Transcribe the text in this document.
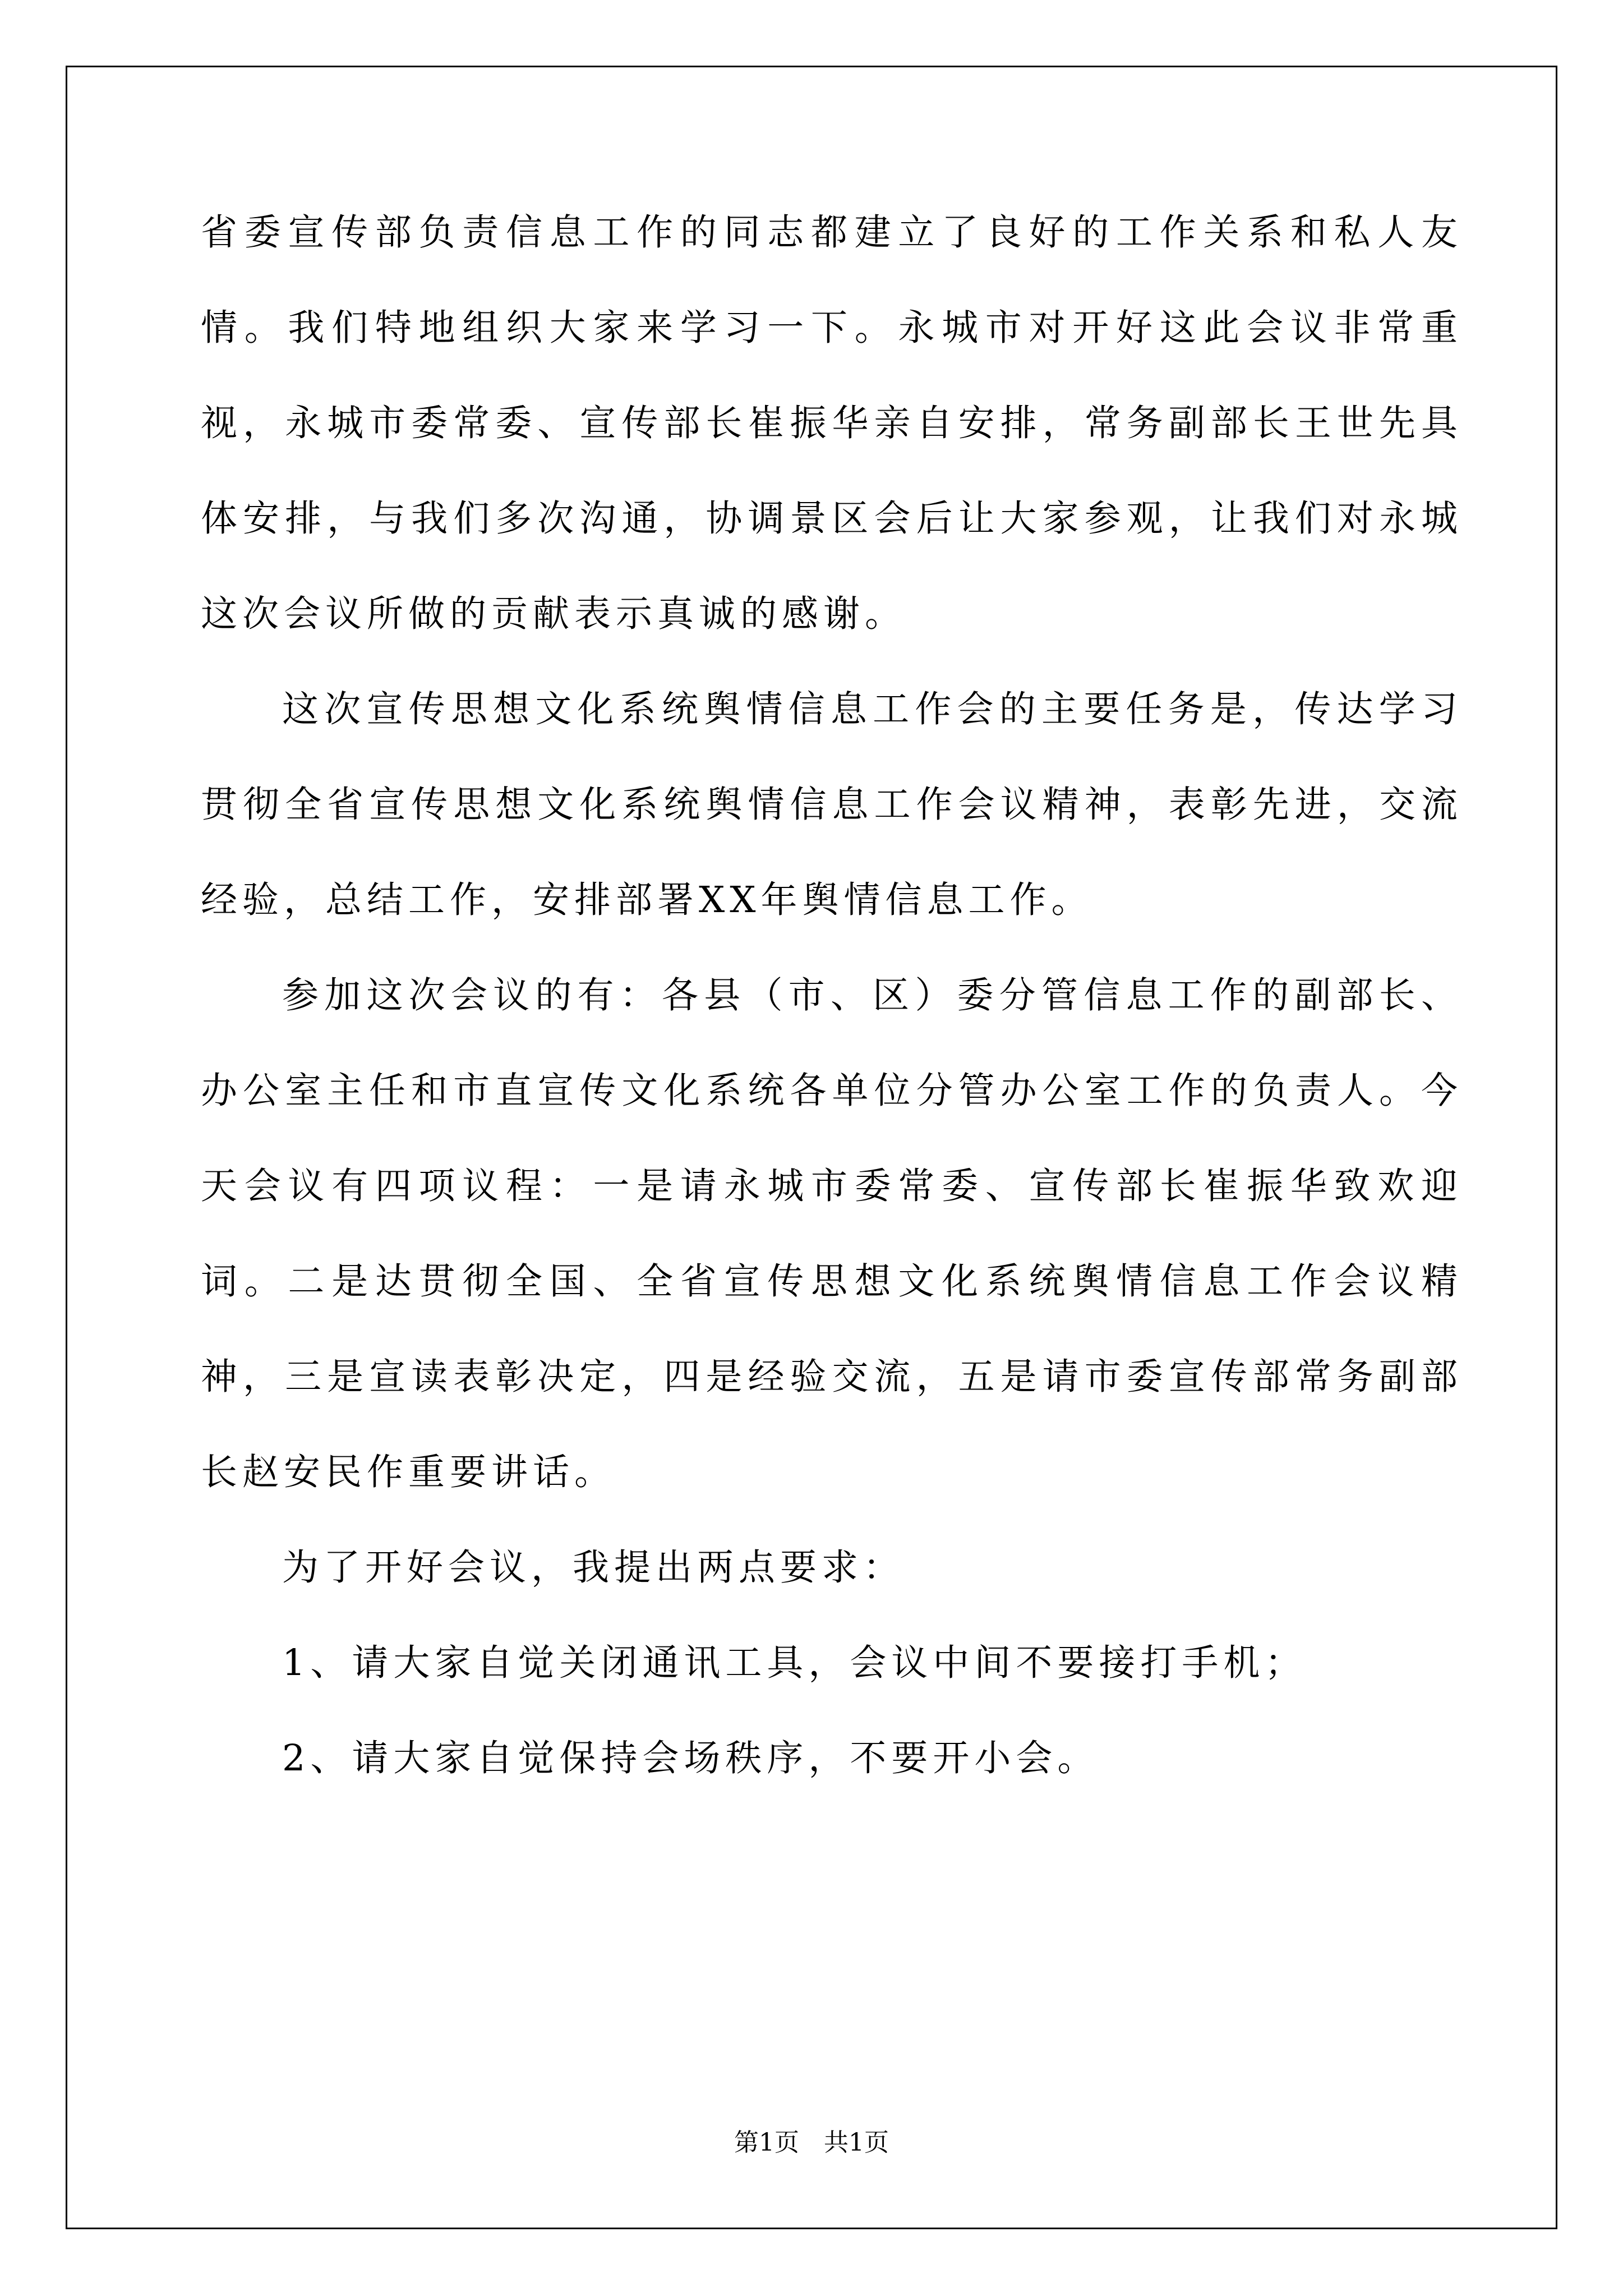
省委宣传部负责信息工作的同志都建立了良好的工作关系和私人友情。我们特地组织大家来学习一下。永城市对开好这此会议非常重视，永城市委常委、宣传部长崔振华亲自安排，常务副部长王世先具体安排，与我们多次沟通，协调景区会后让大家参观，让我们对永城这次会议所做的贡献表示真诚的感谢。

这次宣传思想文化系统舆情信息工作会的主要任务是，传达学习贯彻全省宣传思想文化系统舆情信息工作会议精神，表彰先进，交流经验，总结工作，安排部署XX年舆情信息工作。

参加这次会议的有：各县（市、区）委分管信息工作的副部长、办公室主任和市直宣传文化系统各单位分管办公室工作的负责人。今天会议有四项议程：一是请永城市委常委、宣传部长崔振华致欢迎词。二是达贯彻全国、全省宣传思想文化系统舆情信息工作会议精神，三是宣读表彰决定，四是经验交流，五是请市委宣传部常务副部长赵安民作重要讲话。

为了开好会议，我提出两点要求：

1、请大家自觉关闭通讯工具，会议中间不要接打手机；

2、请大家自觉保持会场秩序，不要开小会。

第1页 共1页
